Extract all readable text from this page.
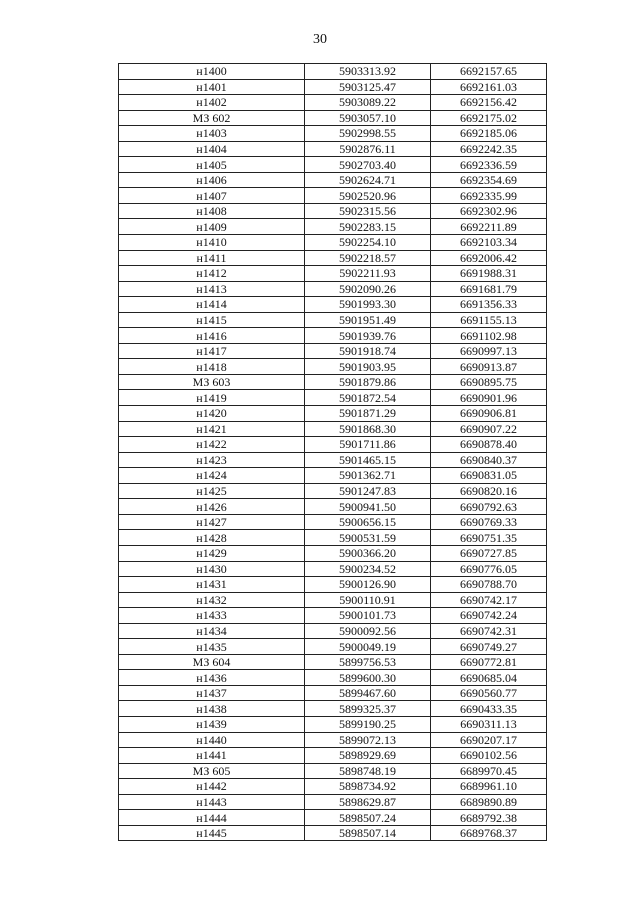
30
н1400	5903313.92	6692157.65
н1401	5903125.47	6692161.03
н1402	5903089.22	6692156.42
МЗ 602	5903057.10	6692175.02
н1403	5902998.55	6692185.06
н1404	5902876.11	6692242.35
н1405	5902703.40	6692336.59
н1406	5902624.71	6692354.69
н1407	5902520.96	6692335.99
н1408	5902315.56	6692302.96
н1409	5902283.15	6692211.89
н1410	5902254.10	6692103.34
н1411	5902218.57	6692006.42
н1412	5902211.93	6691988.31
н1413	5902090.26	6691681.79
н1414	5901993.30	6691356.33
н1415	5901951.49	6691155.13
н1416	5901939.76	6691102.98
н1417	5901918.74	6690997.13
н1418	5901903.95	6690913.87
МЗ 603	5901879.86	6690895.75
н1419	5901872.54	6690901.96
н1420	5901871.29	6690906.81
н1421	5901868.30	6690907.22
н1422	5901711.86	6690878.40
н1423	5901465.15	6690840.37
н1424	5901362.71	6690831.05
н1425	5901247.83	6690820.16
н1426	5900941.50	6690792.63
н1427	5900656.15	6690769.33
н1428	5900531.59	6690751.35
н1429	5900366.20	6690727.85
н1430	5900234.52	6690776.05
н1431	5900126.90	6690788.70
н1432	5900110.91	6690742.17
н1433	5900101.73	6690742.24
н1434	5900092.56	6690742.31
н1435	5900049.19	6690749.27
МЗ 604	5899756.53	6690772.81
н1436	5899600.30	6690685.04
н1437	5899467.60	6690560.77
н1438	5899325.37	6690433.35
н1439	5899190.25	6690311.13
н1440	5899072.13	6690207.17
н1441	5898929.69	6690102.56
МЗ 605	5898748.19	6689970.45
н1442	5898734.92	6689961.10
н1443	5898629.87	6689890.89
н1444	5898507.24	6689792.38
н1445	5898507.14	6689768.37
